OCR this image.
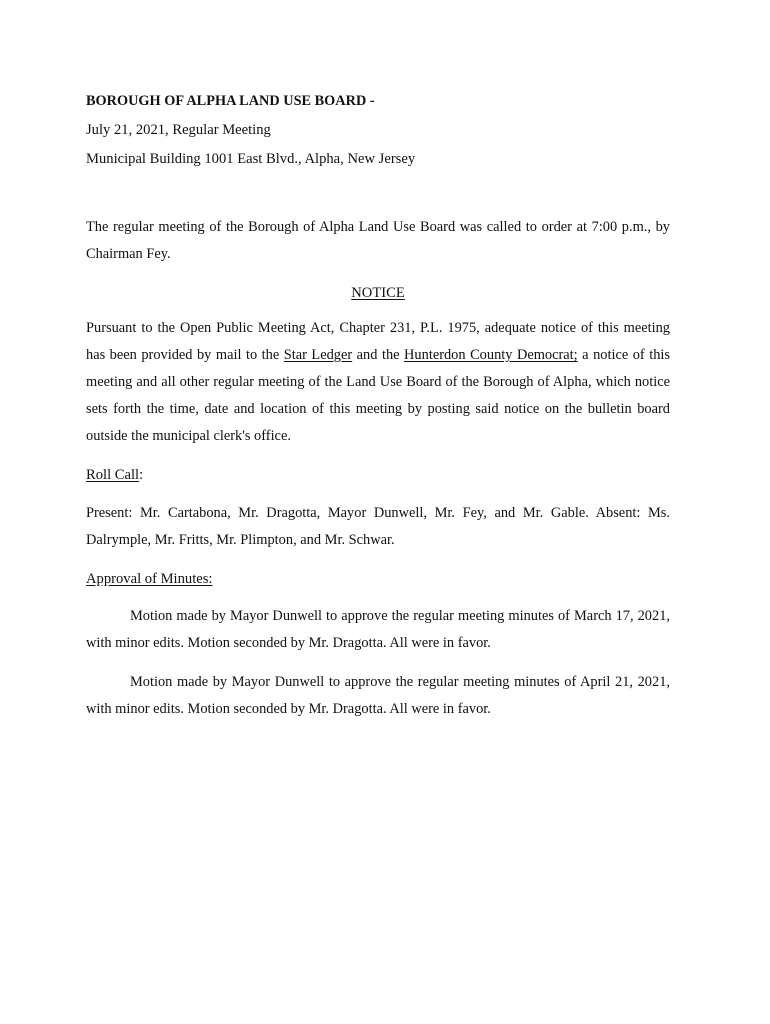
BOROUGH OF ALPHA LAND USE BOARD -
July 21, 2021, Regular Meeting
Municipal Building 1001 East Blvd., Alpha, New Jersey
The regular meeting of the Borough of Alpha Land Use Board was called to order at 7:00 p.m., by Chairman Fey.
NOTICE
Pursuant to the Open Public Meeting Act, Chapter 231, P.L. 1975, adequate notice of this meeting has been provided by mail to the Star Ledger and the Hunterdon County Democrat; a notice of this meeting and all other regular meeting of the Land Use Board of the Borough of Alpha, which notice sets forth the time, date and location of this meeting by posting said notice on the bulletin board outside the municipal clerk's office.
Roll Call:
Present: Mr. Cartabona, Mr. Dragotta, Mayor Dunwell, Mr. Fey, and Mr. Gable. Absent: Ms. Dalrymple, Mr. Fritts, Mr. Plimpton, and Mr. Schwar.
Approval of Minutes:
Motion made by Mayor Dunwell to approve the regular meeting minutes of March 17, 2021, with minor edits. Motion seconded by Mr. Dragotta. All were in favor.
Motion made by Mayor Dunwell to approve the regular meeting minutes of April 21, 2021, with minor edits. Motion seconded by Mr. Dragotta. All were in favor.
